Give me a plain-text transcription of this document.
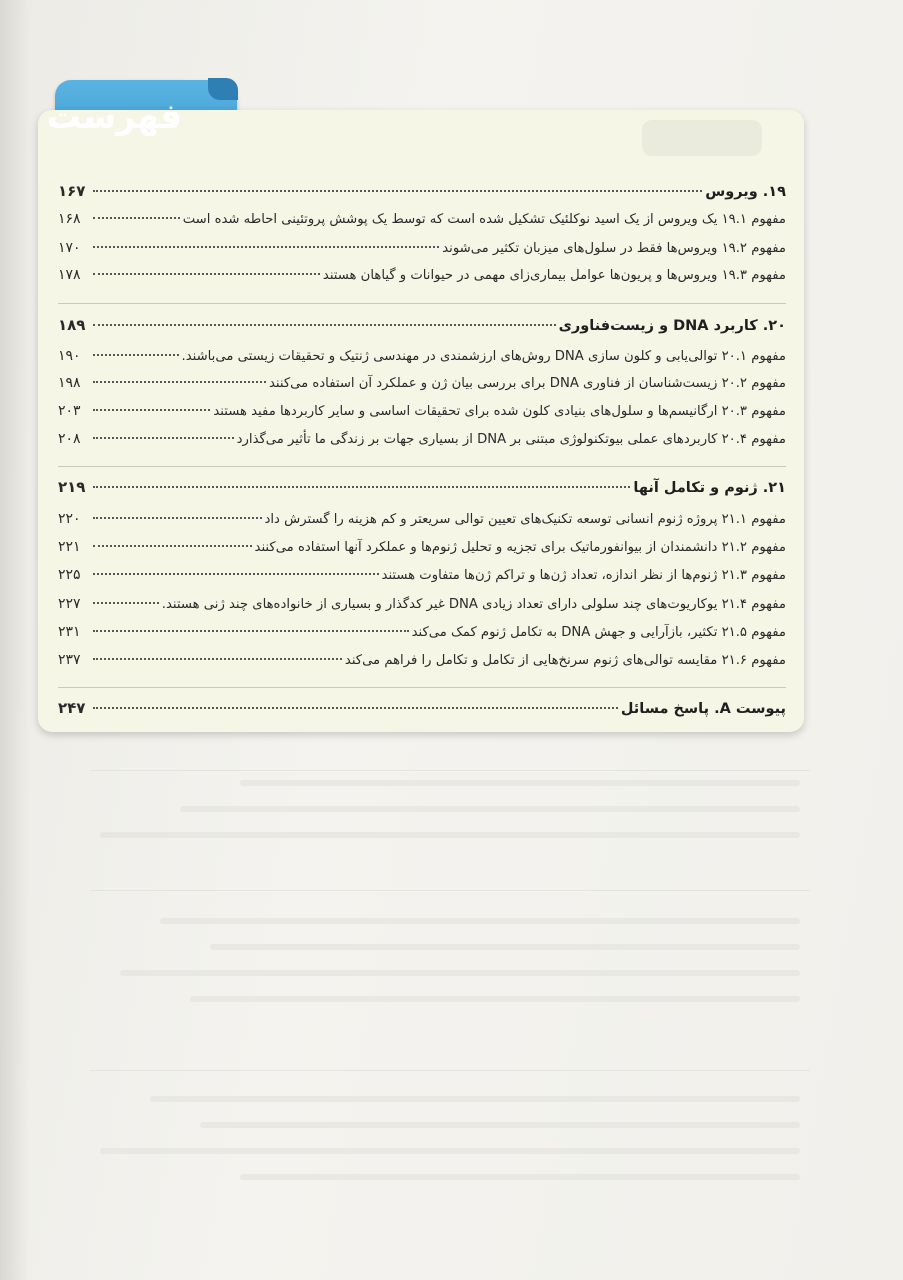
فهرست
۱۶۷	۱۹. ویروس
۱۶۸	مفهوم ۱۹.۱ یک ویروس از یک اسید نوکلئیک تشکیل شده است که توسط یک پوشش پروتئینی احاطه شده است
۱۷۰	مفهوم ۱۹.۲ ویروس‌ها فقط در سلول‌های میزبان تکثیر می‌شوند
۱۷۸	مفهوم ۱۹.۳ ویروس‌ها و پریون‌ها عوامل بیماری‌زای مهمی در حیوانات و گیاهان هستند
۱۸۹	۲۰. کاربرد DNA و زیست‌فناوری
۱۹۰	مفهوم ۲۰.۱ توالی‌یابی و کلون سازی DNA روش‌های ارزشمندی در مهندسی ژنتیک و تحقیقات زیستی می‌باشند.
۱۹۸	مفهوم ۲۰.۲ زیست‌شناسان از فناوری DNA برای بررسی بیان ژن و عملکرد آن استفاده می‌کنند
۲۰۳	مفهوم ۲۰.۳ ارگانیسم‌ها و سلول‌های بنیادی کلون شده برای تحقیقات اساسی و سایر کاربردها مفید هستند
۲۰۸	مفهوم ۲۰.۴ کاربردهای عملی بیوتکنولوژی مبتنی بر DNA از بسیاری جهات بر زندگی ما تأثیر می‌گذارد
۲۱۹	۲۱. ژنوم و تکامل آنها
۲۲۰	مفهوم ۲۱.۱ پروژه ژنوم انسانی توسعه تکنیک‌های تعیین توالی سریعتر و کم هزینه را گسترش داد
۲۲۱	مفهوم ۲۱.۲ دانشمندان از بیوانفورماتیک برای تجزیه و تحلیل ژنوم‌ها و عملکرد آنها استفاده می‌کنند
۲۲۵	مفهوم ۲۱.۳ ژنوم‌ها از نظر اندازه، تعداد ژن‌ها و تراکم ژن‌ها متفاوت هستند
۲۲۷	مفهوم ۲۱.۴ یوکاریوت‌های چند سلولی دارای تعداد زیادی DNA غیر کدگذار و بسیاری از خانواده‌های چند ژنی هستند.
۲۳۱	مفهوم ۲۱.۵ تکثیر، بازآرایی و جهش DNA به تکامل ژنوم کمک می‌کند
۲۳۷	مفهوم ۲۱.۶ مقایسه توالی‌های ژنوم سرنخ‌هایی از تکامل و تکامل را فراهم می‌کند
۲۴۷	پیوست A. پاسخ مسائل
